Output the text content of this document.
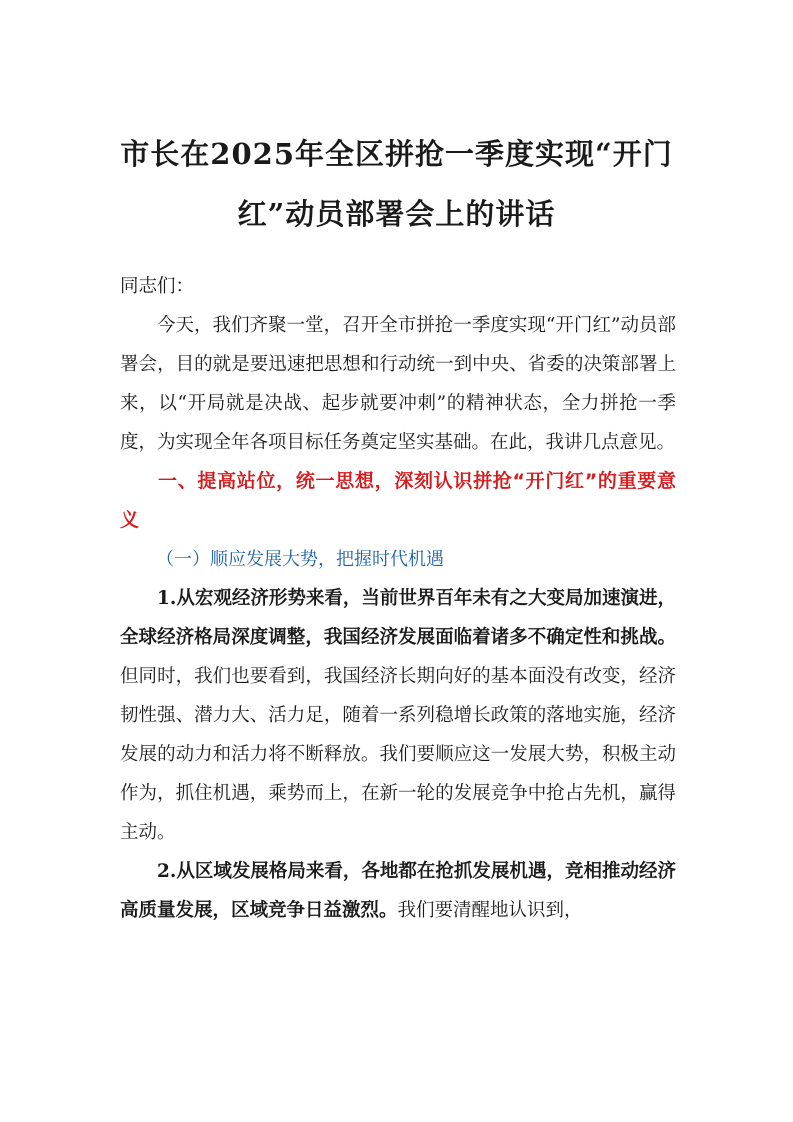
市长在2025年全区拼抢一季度实现“开门红”动员部署会上的讲话

同志们：

今天，我们齐聚一堂，召开全市拼抢一季度实现“开门红”动员部署会，目的就是要迅速把思想和行动统一到中央、省委的决策部署上来，以“开局就是决战、起步就要冲刺”的精神状态，全力拼抢一季度，为实现全年各项目标任务奠定坚实基础。在此，我讲几点意见。

一、提高站位，统一思想，深刻认识拼抢“开门红”的重要意义

（一）顺应发展大势，把握时代机遇

1.从宏观经济形势来看，当前世界百年未有之大变局加速演进，全球经济格局深度调整，我国经济发展面临着诸多不确定性和挑战。但同时，我们也要看到，我国经济长期向好的基本面没有改变，经济韧性强、潜力大、活力足，随着一系列稳增长政策的落地实施，经济发展的动力和活力将不断释放。我们要顺应这一发展大势，积极主动作为，抓住机遇，乘势而上，在新一轮的发展竞争中抢占先机，赢得主动。

2.从区域发展格局来看，各地都在抢抓发展机遇，竞相推动经济高质量发展，区域竞争日益激烈。我们要清醒地认识到，
